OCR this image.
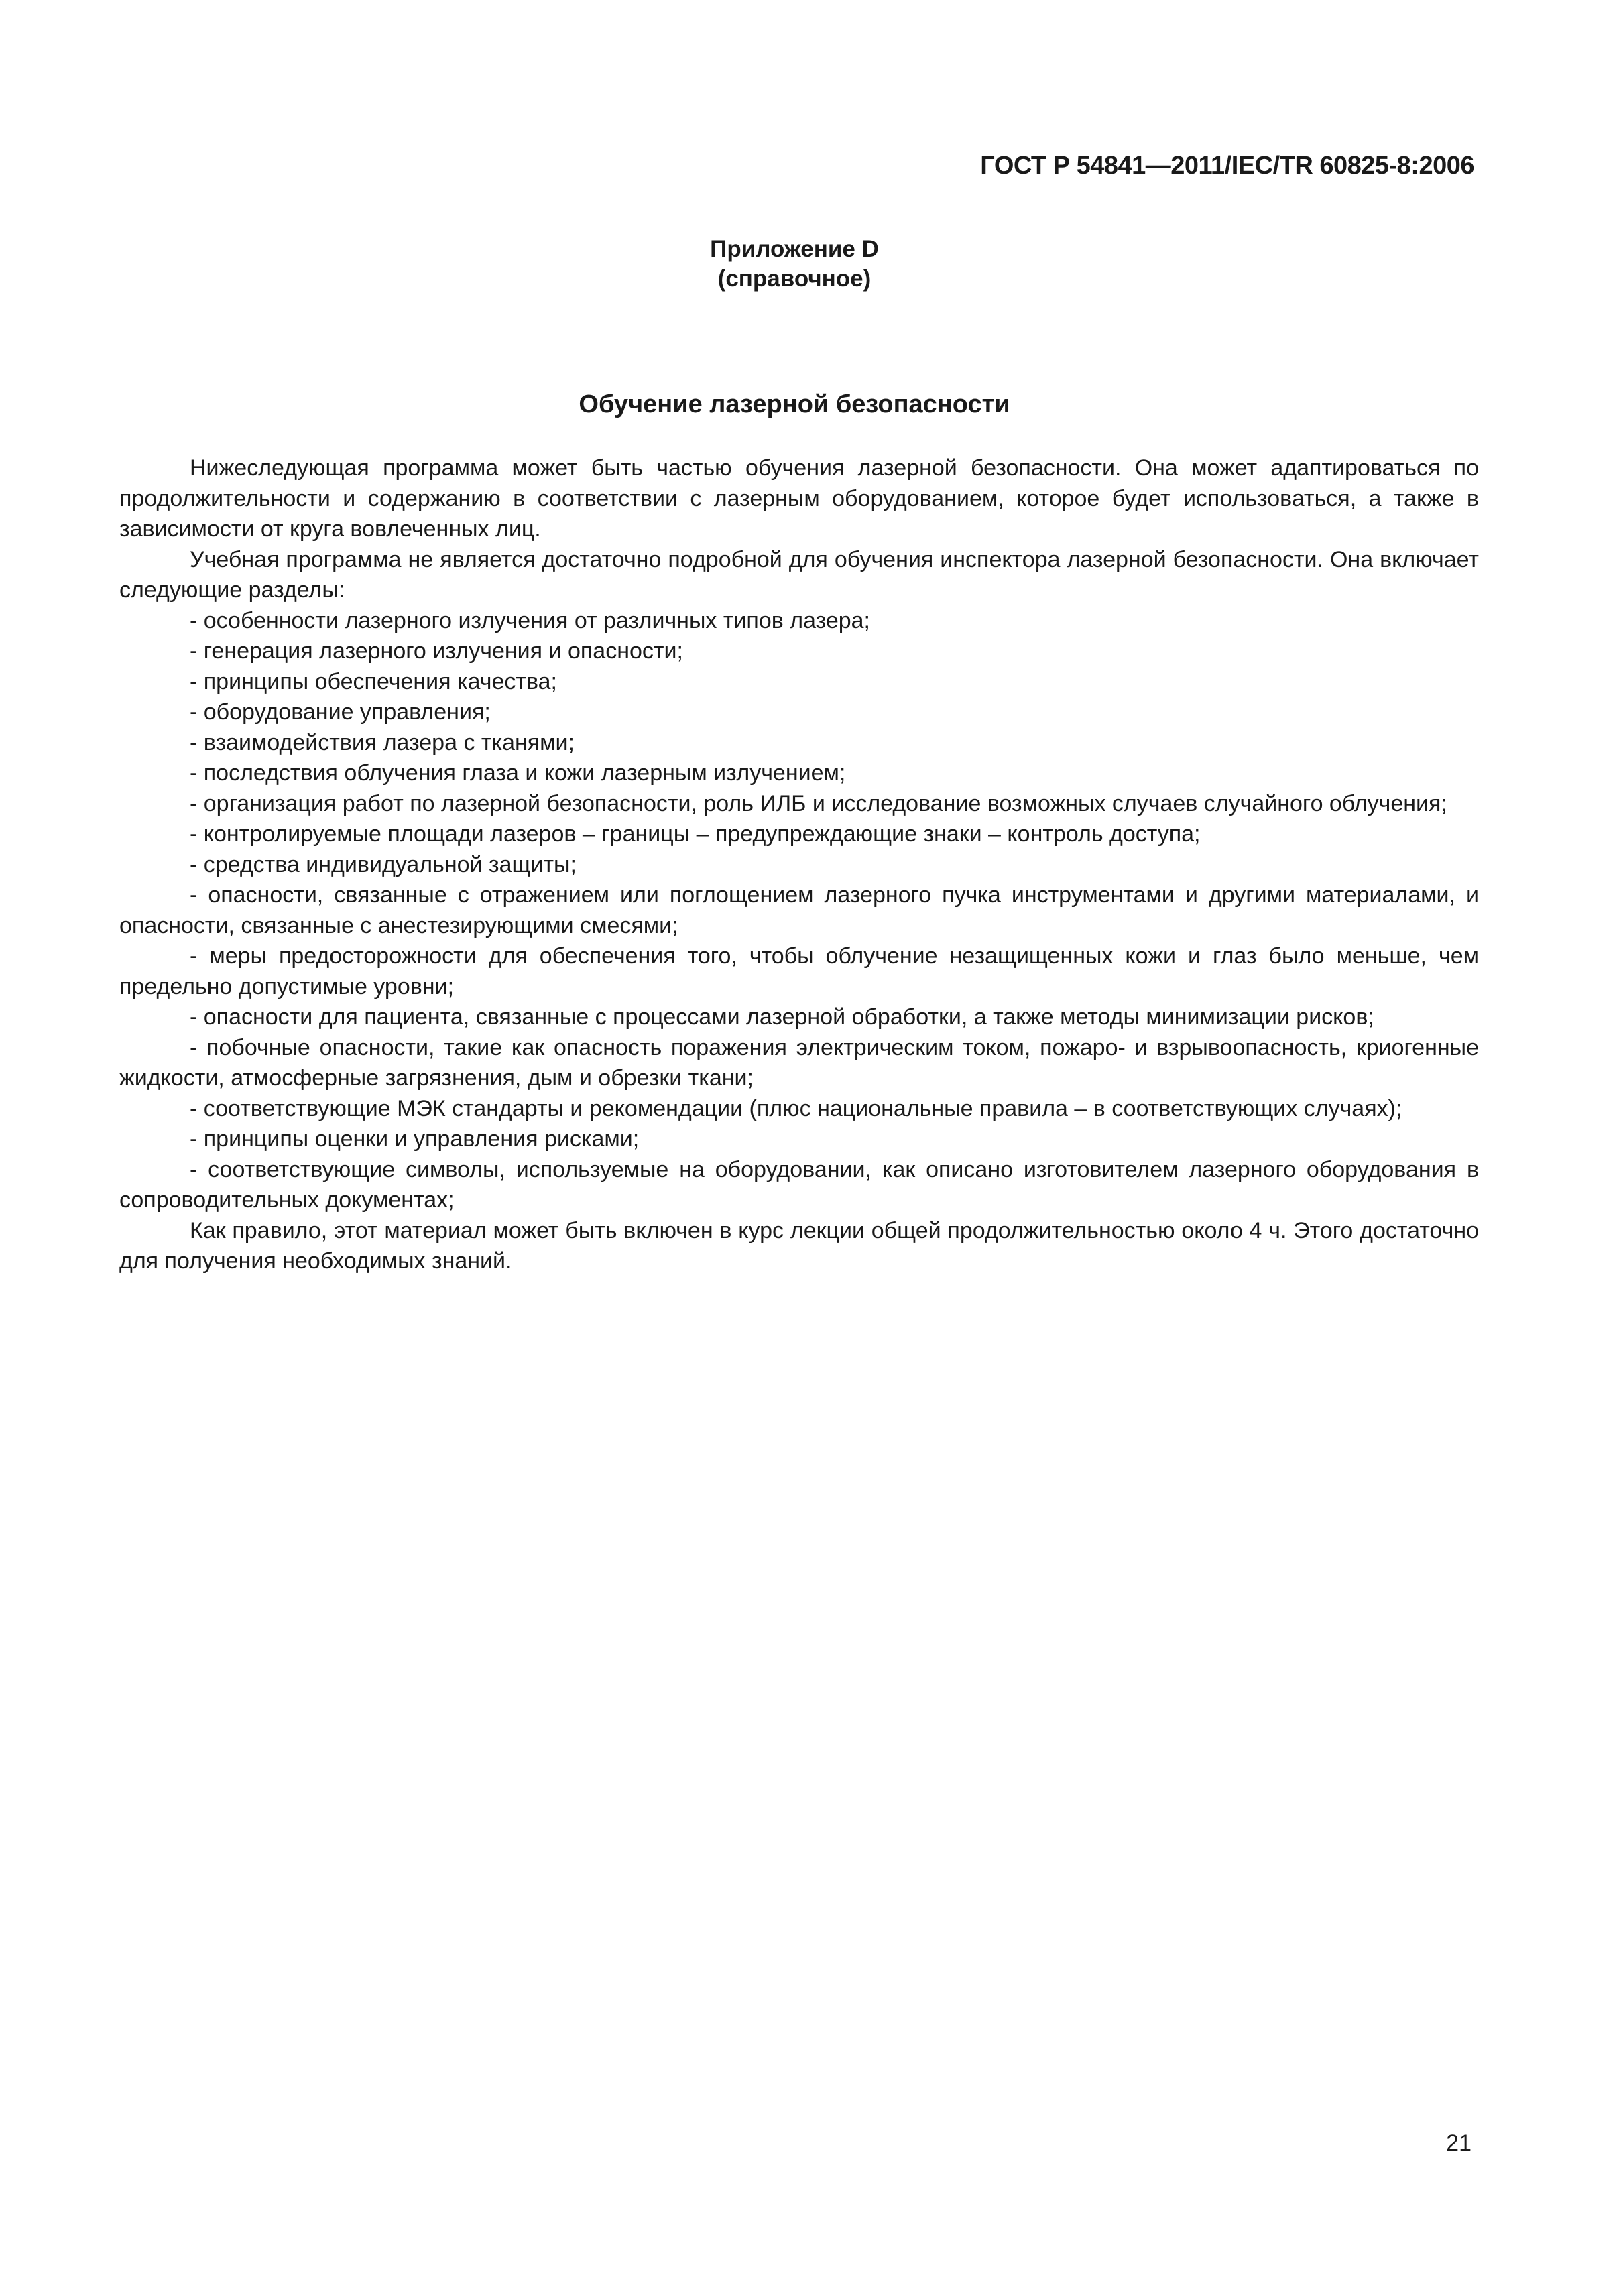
ГОСТ Р 54841—2011/IEC/TR 60825-8:2006
Приложение D
(справочное)
Обучение лазерной безопасности

Нижеследующая программа может быть частью обучения лазерной безопасности. Она может адаптироваться по продолжительности и содержанию в соответствии с лазерным оборудованием, которое будет использоваться, а также в зависимости от круга вовлеченных лиц.

Учебная программа не является достаточно подробной для обучения инспектора лазерной безопасности. Она включает следующие разделы:

- особенности лазерного излучения от различных типов лазера;

- генерация лазерного излучения и опасности;

- принципы обеспечения качества;

- оборудование управления;

- взаимодействия лазера с тканями;

- последствия облучения глаза и кожи лазерным излучением;

- организация работ по лазерной безопасности, роль ИЛБ и исследование возможных случаев случайного облучения;

- контролируемые площади лазеров – границы – предупреждающие знаки – контроль доступа;

- средства индивидуальной защиты;

- опасности, связанные с отражением или поглощением лазерного пучка инструментами и другими материалами, и опасности, связанные с анестезирующими смесями;

- меры предосторожности для обеспечения того, чтобы облучение незащищенных кожи и глаз было меньше, чем предельно допустимые уровни;

- опасности для пациента, связанные с процессами лазерной обработки, а также методы минимизации рисков;

- побочные опасности, такие как опасность поражения электрическим током, пожаро- и взрывоопасность, криогенные жидкости, атмосферные загрязнения, дым и обрезки ткани;

- соответствующие МЭК стандарты и рекомендации (плюс национальные правила – в соответствующих случаях);

- принципы оценки и управления рисками;

- соответствующие символы, используемые на оборудовании, как описано изготовителем лазерного оборудования в сопроводительных документах;

Как правило, этот материал может быть включен в курс лекции общей продолжительностью около 4 ч. Этого достаточно для получения необходимых знаний.

21
